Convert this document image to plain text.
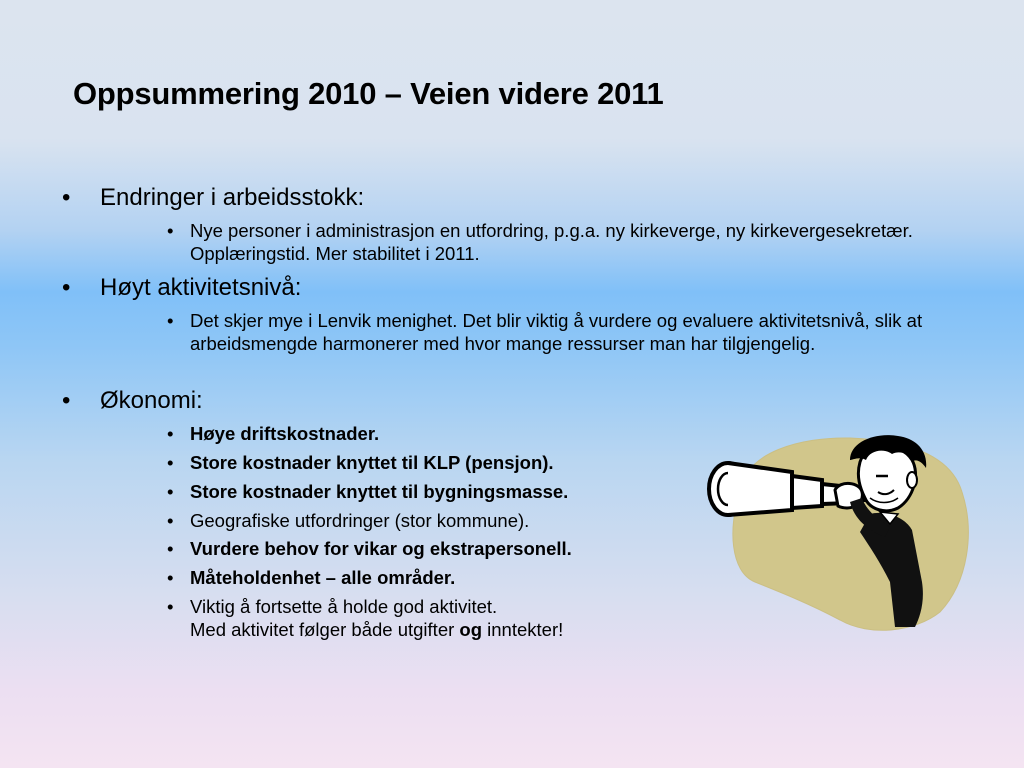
Oppsummering 2010 – Veien videre 2011
• Endringer i arbeidsstokk:
• Nye personer i administrasjon en utfordring, p.g.a. ny kirkeverge, ny kirkevergesekretær. Opplæringstid. Mer stabilitet i 2011.
• Høyt aktivitetsnivå:
• Det skjer mye i Lenvik menighet. Det blir viktig å vurdere og evaluere aktivitetsnivå, slik at arbeidsmengde harmonerer med hvor mange ressurser man har tilgjengelig.
• Økonomi:
• Høye driftskostnader.
• Store kostnader knyttet til KLP (pensjon).
• Store kostnader knyttet til bygningsmasse.
• Geografiske utfordringer (stor kommune).
• Vurdere behov for vikar og ekstrapersonell.
• Måteholdenhet – alle områder.
• Viktig å fortsette å holde god aktivitet.
Med aktivitet følger både utgifter og inntekter!
